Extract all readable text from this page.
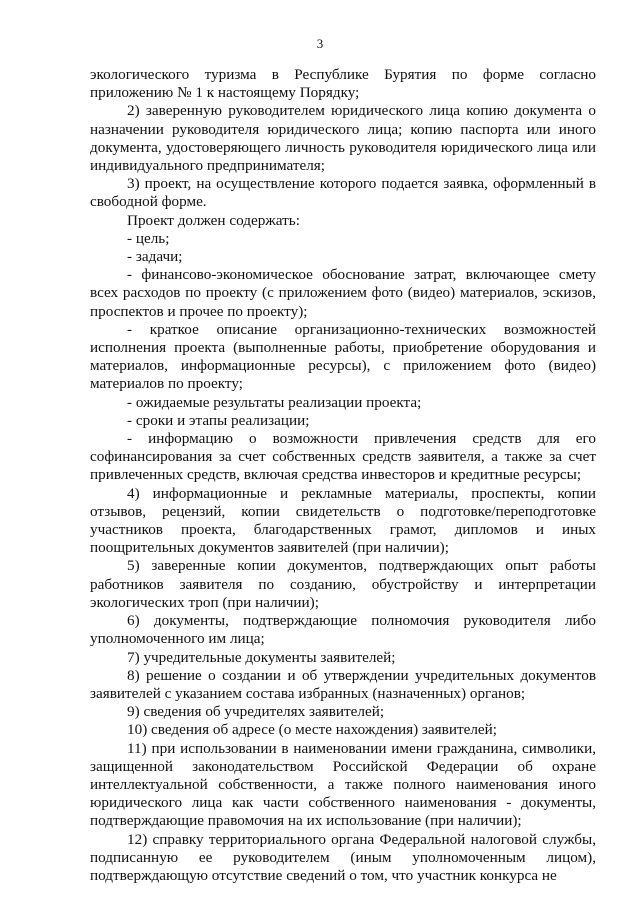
3

экологического туризма в Республике Бурятия по форме согласно приложению № 1 к настоящему Порядку;

2) заверенную руководителем юридического лица копию документа о назначении руководителя юридического лица; копию паспорта или иного документа, удостоверяющего личность руководителя юридического лица или индивидуального предпринимателя;

3) проект, на осуществление которого подается заявка, оформленный в свободной форме.

Проект должен содержать:

- цель;

- задачи;

- финансово-экономическое обоснование затрат, включающее смету всех расходов по проекту (с приложением фото (видео) материалов, эскизов, проспектов и прочее по проекту);

- краткое описание организационно-технических возможностей исполнения проекта (выполненные работы, приобретение оборудования и материалов, информационные ресурсы), с приложением фото (видео) материалов по проекту;

- ожидаемые результаты реализации проекта;

- сроки и этапы реализации;

- информацию о возможности привлечения средств для его софинансирования за счет собственных средств заявителя, а также за счет привлеченных средств, включая средства инвесторов и кредитные ресурсы;

4) информационные и рекламные материалы, проспекты, копии отзывов, рецензий, копии свидетельств о подготовке/переподготовке участников проекта, благодарственных грамот, дипломов и иных поощрительных документов заявителей (при наличии);

5) заверенные копии документов, подтверждающих опыт работы работников заявителя по созданию, обустройству и интерпретации экологических троп (при наличии);

6) документы, подтверждающие полномочия руководителя либо уполномоченного им лица;

7) учредительные документы заявителей;

8) решение о создании и об утверждении учредительных документов заявителей с указанием состава избранных (назначенных) органов;

9) сведения об учредителях заявителей;

10) сведения об адресе (о месте нахождения) заявителей;

11) при использовании в наименовании имени гражданина, символики, защищенной законодательством Российской Федерации об охране интеллектуальной собственности, а также полного наименования иного юридического лица как части собственного наименования - документы, подтверждающие правомочия на их использование (при наличии);

12) справку территориального органа Федеральной налоговой службы, подписанную ее руководителем (иным уполномоченным лицом), подтверждающую отсутствие сведений о том, что участник конкурса не
